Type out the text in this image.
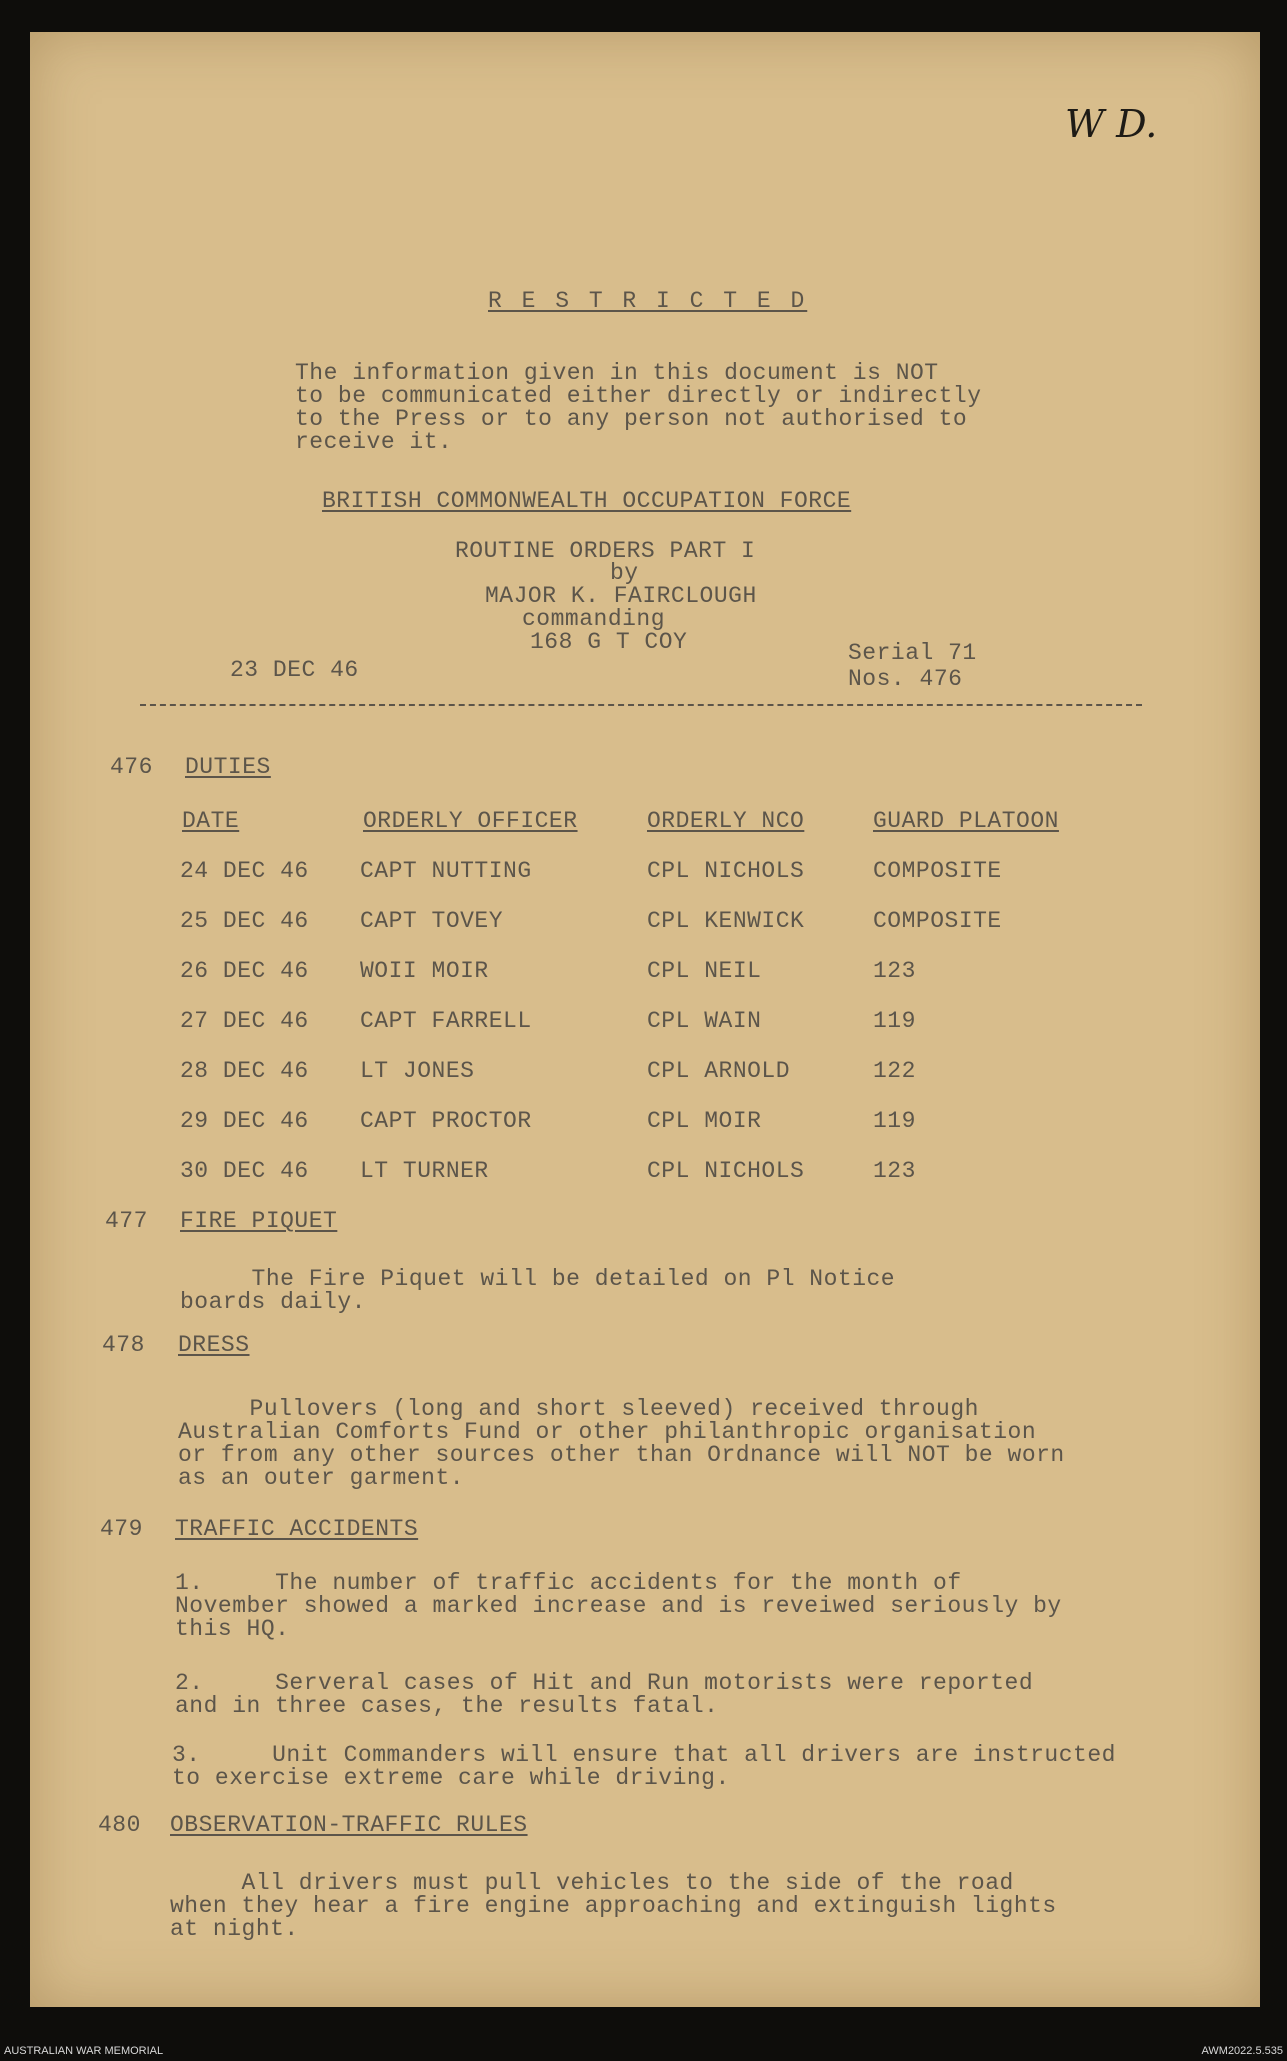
W D.
R E S T R I C T E D
The information given in this document is NOT
to be communicated either directly or indirectly
to the Press or to any person not authorised to
receive it.
BRITISH COMMONWEALTH OCCUPATION FORCE
ROUTINE ORDERS PART I
by
MAJOR K. FAIRCLOUGH
commanding
168 G T COY
23 DEC 46
Serial 71
Nos. 476
476 DUTIES
DATE	ORDERLY OFFICER	ORDERLY NCO	GUARD PLATOON
24 DEC 46 CAPT NUTTING	CPL NICHOLS	COMPOSITE
25 DEC 46 CAPT TOVEY	CPL KENWICK	COMPOSITE
26 DEC 46 WOII MOIR	CPL NEIL	123
27 DEC 46 CAPT FARRELL	CPL WAIN	119
28 DEC 46 LT JONES	CPL ARNOLD	122
29 DEC 46 CAPT PROCTOR	CPL MOIR	119
30 DEC 46 LT TURNER	CPL NICHOLS	123
477 FIRE PIQUET
The Fire Piquet will be detailed on Pl Notice
boards daily.
478 DRESS
Pullovers (long and short sleeved) received through
Australian Comforts Fund or other philanthropic organisation
or from any other sources other than Ordnance will NOT be worn
as an outer garment.
479 TRAFFIC ACCIDENTS
1.     The number of traffic accidents for the month of
November showed a marked increase and is reveiwed seriously by
this HQ.
2.     Serveral cases of Hit and Run motorists were reported
and in three cases, the results fatal.
3.     Unit Commanders will ensure that all drivers are instructed
to exercise extreme care while driving.
480 OBSERVATION-TRAFFIC RULES
All drivers must pull vehicles to the side of the road
when they hear a fire engine approaching and extinguish lights
at night.
AUSTRALIAN WAR MEMORIAL	AWM2022.5.535
